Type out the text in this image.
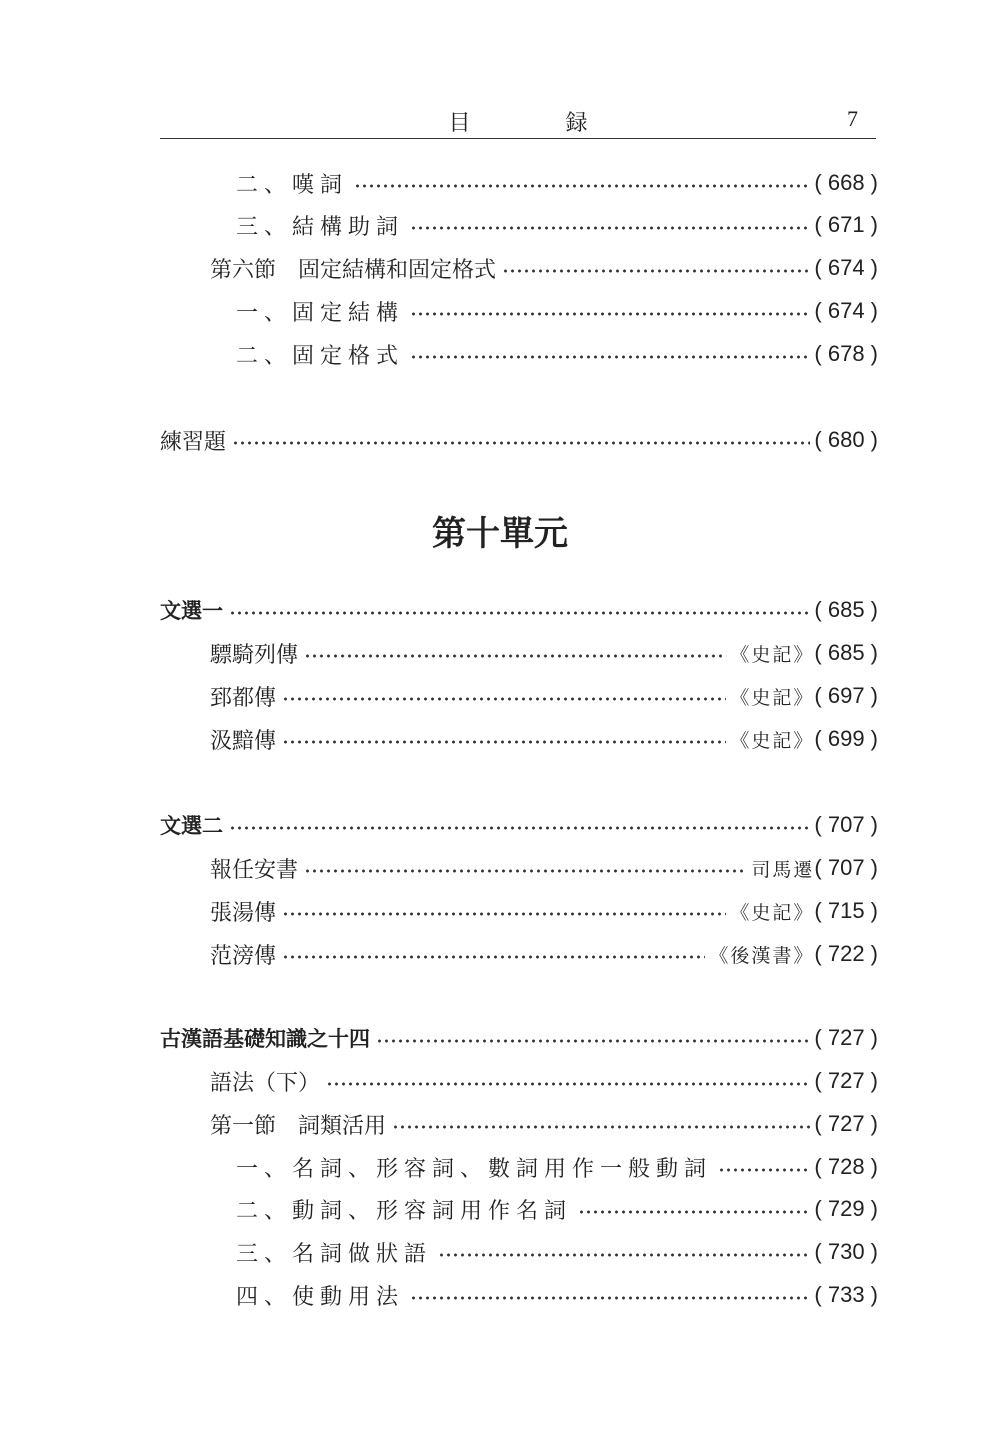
目 録	7
二、嘆詞	( 668 )
三、結構助詞	( 671 )
第六節　固定結構和固定格式	( 674 )
一、固定結構	( 674 )
二、固定格式	( 678 )
練習題	( 680 )
第十單元
文選一	( 685 )
驃騎列傳	《史記》 ( 685 )
郅都傳	《史記》 ( 697 )
汲黯傳	《史記》 ( 699 )
文選二	( 707 )
報任安書	司馬遷 ( 707 )
張湯傳	《史記》 ( 715 )
范滂傳	《後漢書》 ( 722 )
古漢語基礎知識之十四	( 727 )
語法（下）	( 727 )
第一節　詞類活用	( 727 )
一、名詞、形容詞、數詞用作一般動詞	( 728 )
二、動詞、形容詞用作名詞	( 729 )
三、名詞做狀語	( 730 )
四、使動用法	( 733 )
